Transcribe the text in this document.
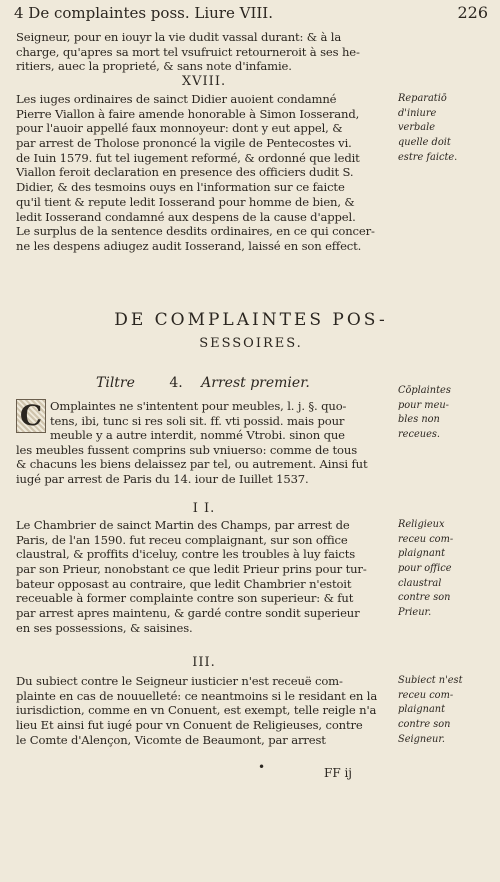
4 De complaintes poss. Liure VIII.	226
Seigneur, pour en iouyr la vie dudit vassal durant: & à la
charge, qu'apres sa mort tel vsufruict retourneroit à ses he-
ritiers, auec la proprieté, & sans note d'infamie.
XVIII.
Les iuges ordinaires de sainct Didier auoient condamné
Pierre Viallon à faire amende honorable à Simon Iosserand,
pour l'auoir appellé faux monnoyeur: dont y eut appel, &
par arrest de Tholose prononcé la vigile de Pentecostes vi.
de Iuin 1579. fut tel iugement reformé, & ordonné que ledit
Viallon feroit declaration en presence des officiers dudit S.
Didier, & des tesmoins ouys en l'information sur ce faicte
qu'il tient & repute ledit Iosserand pour homme de bien, &
ledit Iosserand condamné aux despens de la cause d'appel.
Le surplus de la sentence desdits ordinaires, en ce qui concer-
ne les despens adiugez audit Iosserand, laissé en son effect.
Reparatiō
d'iniure
verbale
quelle doit
estre faicte.
DE COMPLAINTES POS-
SESSOIRES.
Tiltre 4. Arrest premier.
C Omplaintes ne s'intentent pour meubles, l. j. §. quo-
tens, ibi, tunc si res soli sit. ff. vti possid. mais pour
meuble y a autre interdit, nommé Vtrobi. sinon que
les meubles fussent comprins sub vniuerso: comme de tous
& chacuns les biens delaissez par tel, ou autrement. Ainsi fut
iugé par arrest de Paris du 14. iour de Iuillet 1537.
Cōplaintes
pour meu-
bles non
receues.
I I.
Le Chambrier de sainct Martin des Champs, par arrest de
Paris, de l'an 1590. fut receu complaignant, sur son office
claustral, & proffits d'iceluy, contre les troubles à luy faicts
par son Prieur, nonobstant ce que ledit Prieur prins pour tur-
bateur opposast au contraire, que ledit Chambrier n'estoit
receuable à former complainte contre son superieur: & fut
par arrest apres maintenu, & gardé contre sondit superieur
en ses possessions, & saisines.
Religieux
receu com-
plaignant
pour office
claustral
contre son
Prieur.
III.
Du subiect contre le Seigneur iusticier n'est receuë com-
plainte en cas de nouuelleté: ce neantmoins si le residant en la
iurisdiction, comme en vn Conuent, est exempt, telle reigle n'a
lieu Et ainsi fut iugé pour vn Conuent de Religieuses, contre
le Comte d'Alençon, Vicomte de Beaumont, par arrest
Subiect n'est
receu com-
plaignant
contre son
Seigneur.
•	FF ij
